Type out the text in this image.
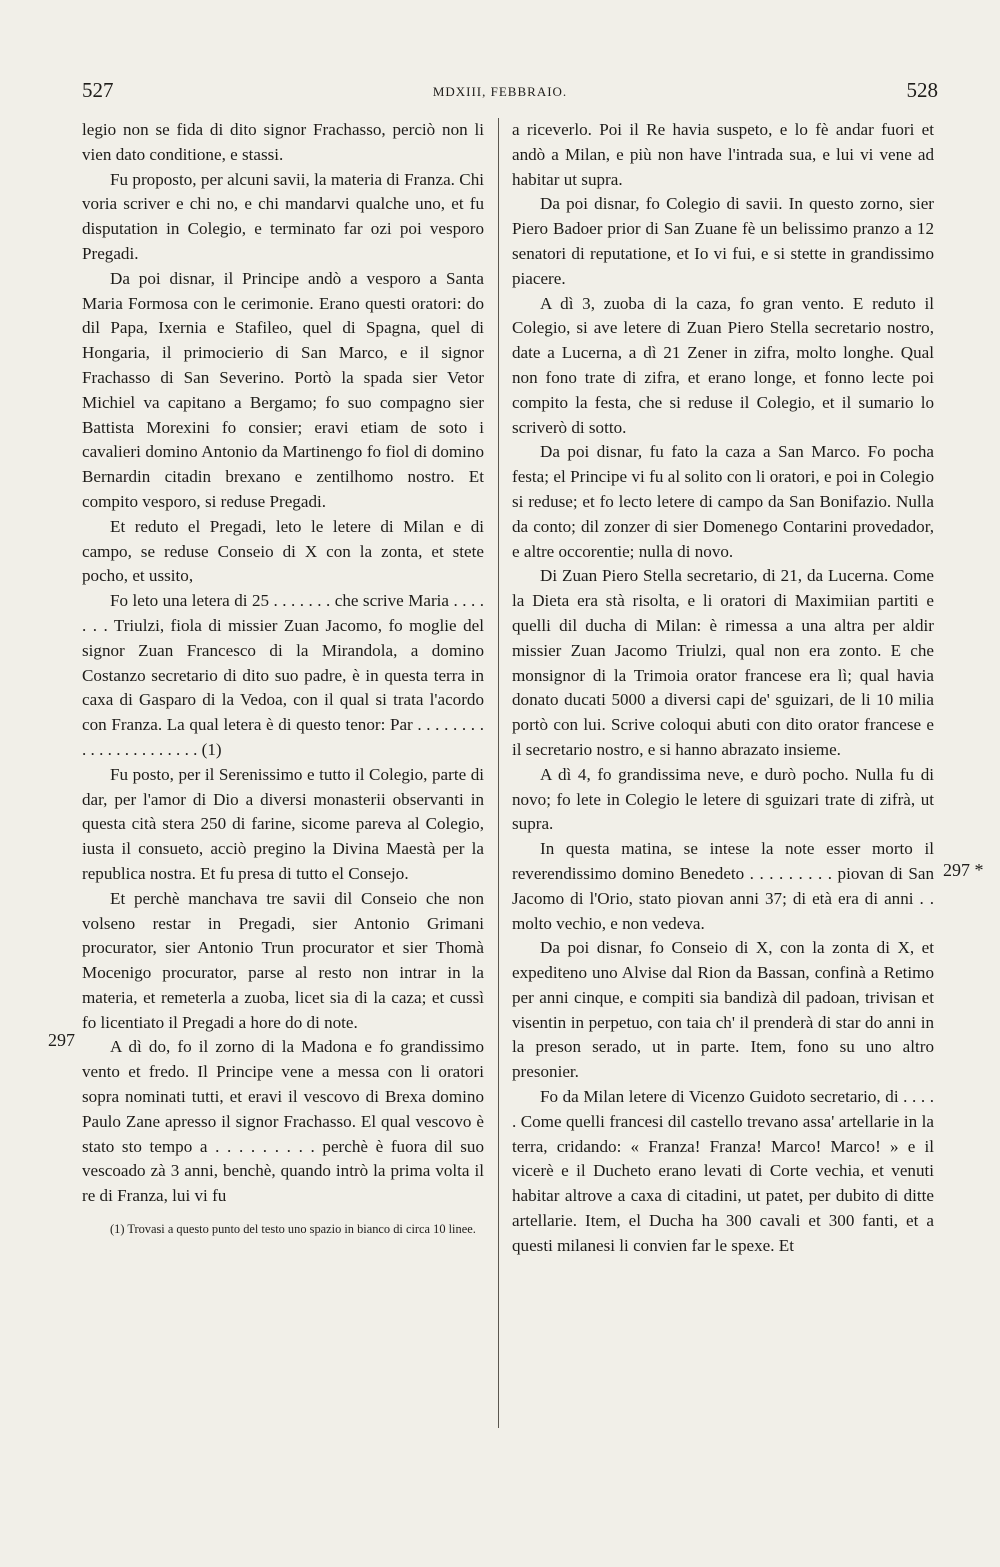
527	MDXIII, FEBBRAIO.	528
297
297 *

legio non se fida di dito signor Frachasso, perciò non li vien dato conditione, e stassi.

Fu proposto, per alcuni savii, la materia di Franza. Chi voria scriver e chi no, e chi mandarvi qualche uno, et fu disputation in Colegio, e terminato far ozi poi vesporo Pregadi.

Da poi disnar, il Principe andò a vesporo a Santa Maria Formosa con le cerimonie. Erano questi oratori: do dil Papa, Ixernia e Stafileo, quel di Spagna, quel di Hongaria, il primocierio di San Marco, e il signor Frachasso di San Severino. Portò la spada sier Vetor Michiel va capitano a Bergamo; fo suo compagno sier Battista Morexini fo consier; eravi etiam de soto i cavalieri domino Antonio da Martinengo fo fiol di domino Bernardin citadin brexano e zentilhomo nostro. Et compito vesporo, si reduse Pregadi.

Et reduto el Pregadi, leto le letere di Milan e di campo, se reduse Conseio di X con la zonta, et stete pocho, et ussito,

Fo leto una letera di 25 . . . . . . . che scrive Maria . . . . . . . Triulzi, fiola di missier Zuan Jacomo, fo moglie del signor Zuan Francesco di la Mirandola, a domino Costanzo secretario di dito suo padre, è in questa terra in caxa di Gasparo di la Vedoa, con il qual si trata l'acordo con Franza. La qual letera è di questo tenor: Par . . . . . . . . . . . . . . . . . . . . . . (1)

Fu posto, per il Serenissimo e tutto il Colegio, parte di dar, per l'amor di Dio a diversi monasterii observanti in questa cità stera 250 di farine, sicome pareva al Colegio, iusta il consueto, acciò pregino la Divina Maestà per la republica nostra. Et fu presa di tutto el Consejo.

Et perchè manchava tre savii dil Conseio che non volseno restar in Pregadi, sier Antonio Grimani procurator, sier Antonio Trun procurator et sier Thomà Mocenigo procurator, parse al resto non intrar in la materia, et remeterla a zuoba, licet sia di la caza; et cussì fo licentiato il Pregadi a hore do di note.

A dì do, fo il zorno di la Madona e fo grandissimo vento et fredo. Il Principe vene a messa con li oratori sopra nominati tutti, et eravi il vescovo di Brexa domino Paulo Zane apresso il signor Frachasso. El qual vescovo è stato sto tempo a . . . . . . . . . perchè è fuora dil suo vescoado zà 3 anni, benchè, quando intrò la prima volta il re di Franza, lui vi fu

(1) Trovasi a questo punto del testo uno spazio in bianco di circa 10 linee.

a riceverlo. Poi il Re havia suspeto, e lo fè andar fuori et andò a Milan, e più non have l'intrada sua, e lui vi vene ad habitar ut supra.

Da poi disnar, fo Colegio di savii. In questo zorno, sier Piero Badoer prior di San Zuane fè un belissimo pranzo a 12 senatori di reputatione, et Io vi fui, e si stette in grandissimo piacere.

A dì 3, zuoba di la caza, fo gran vento. E reduto il Colegio, si ave letere di Zuan Piero Stella secretario nostro, date a Lucerna, a dì 21 Zener in zifra, molto longhe. Qual non fono trate di zifra, et erano longe, et fonno lecte poi compito la festa, che si reduse il Colegio, et il sumario lo scriverò di sotto.

Da poi disnar, fu fato la caza a San Marco. Fo pocha festa; el Principe vi fu al solito con li oratori, e poi in Colegio si reduse; et fo lecto letere di campo da San Bonifazio. Nulla da conto; dil zonzer di sier Domenego Contarini provedador, e altre occorentie; nulla di novo.

Di Zuan Piero Stella secretario, di 21, da Lucerna. Come la Dieta era stà risolta, e li oratori di Maximiian partiti e quelli dil ducha di Milan: è rimessa a una altra per aldir missier Zuan Jacomo Triulzi, qual non era zonto. E che monsignor di la Trimoia orator francese era lì; qual havia donato ducati 5000 a diversi capi de' sguizari, de li 10 milia portò con lui. Scrive coloqui abuti con dito orator francese e il secretario nostro, e si hanno abrazato insieme.

A dì 4, fo grandissima neve, e durò pocho. Nulla fu di novo; fo lete in Colegio le letere di sguizari trate di zifrà, ut supra.

In questa matina, se intese la note esser morto il reverendissimo domino Benedeto . . . . . . . . . piovan di San Jacomo di l'Orio, stato piovan anni 37; di età era di anni . . molto vechio, e non vedeva.

Da poi disnar, fo Conseio di X, con la zonta di X, et expediteno uno Alvise dal Rion da Bassan, confinà a Retimo per anni cinque, e compiti sia bandizà dil padoan, trivisan et visentin in perpetuo, con taia ch' il prenderà di star do anni in la preson serado, ut in parte. Item, fono su uno altro presonier.

Fo da Milan letere di Vicenzo Guidoto secretario, di . . . . . Come quelli francesi dil castello trevano assa' artellarie in la terra, cridando: « Franza! Franza! Marco! Marco! » e il vicerè e il Ducheto erano levati di Corte vechia, et venuti habitar altrove a caxa di citadini, ut patet, per dubito di ditte artellarie. Item, el Ducha ha 300 cavali et 300 fanti, et a questi milanesi li convien far le spexe. Et
